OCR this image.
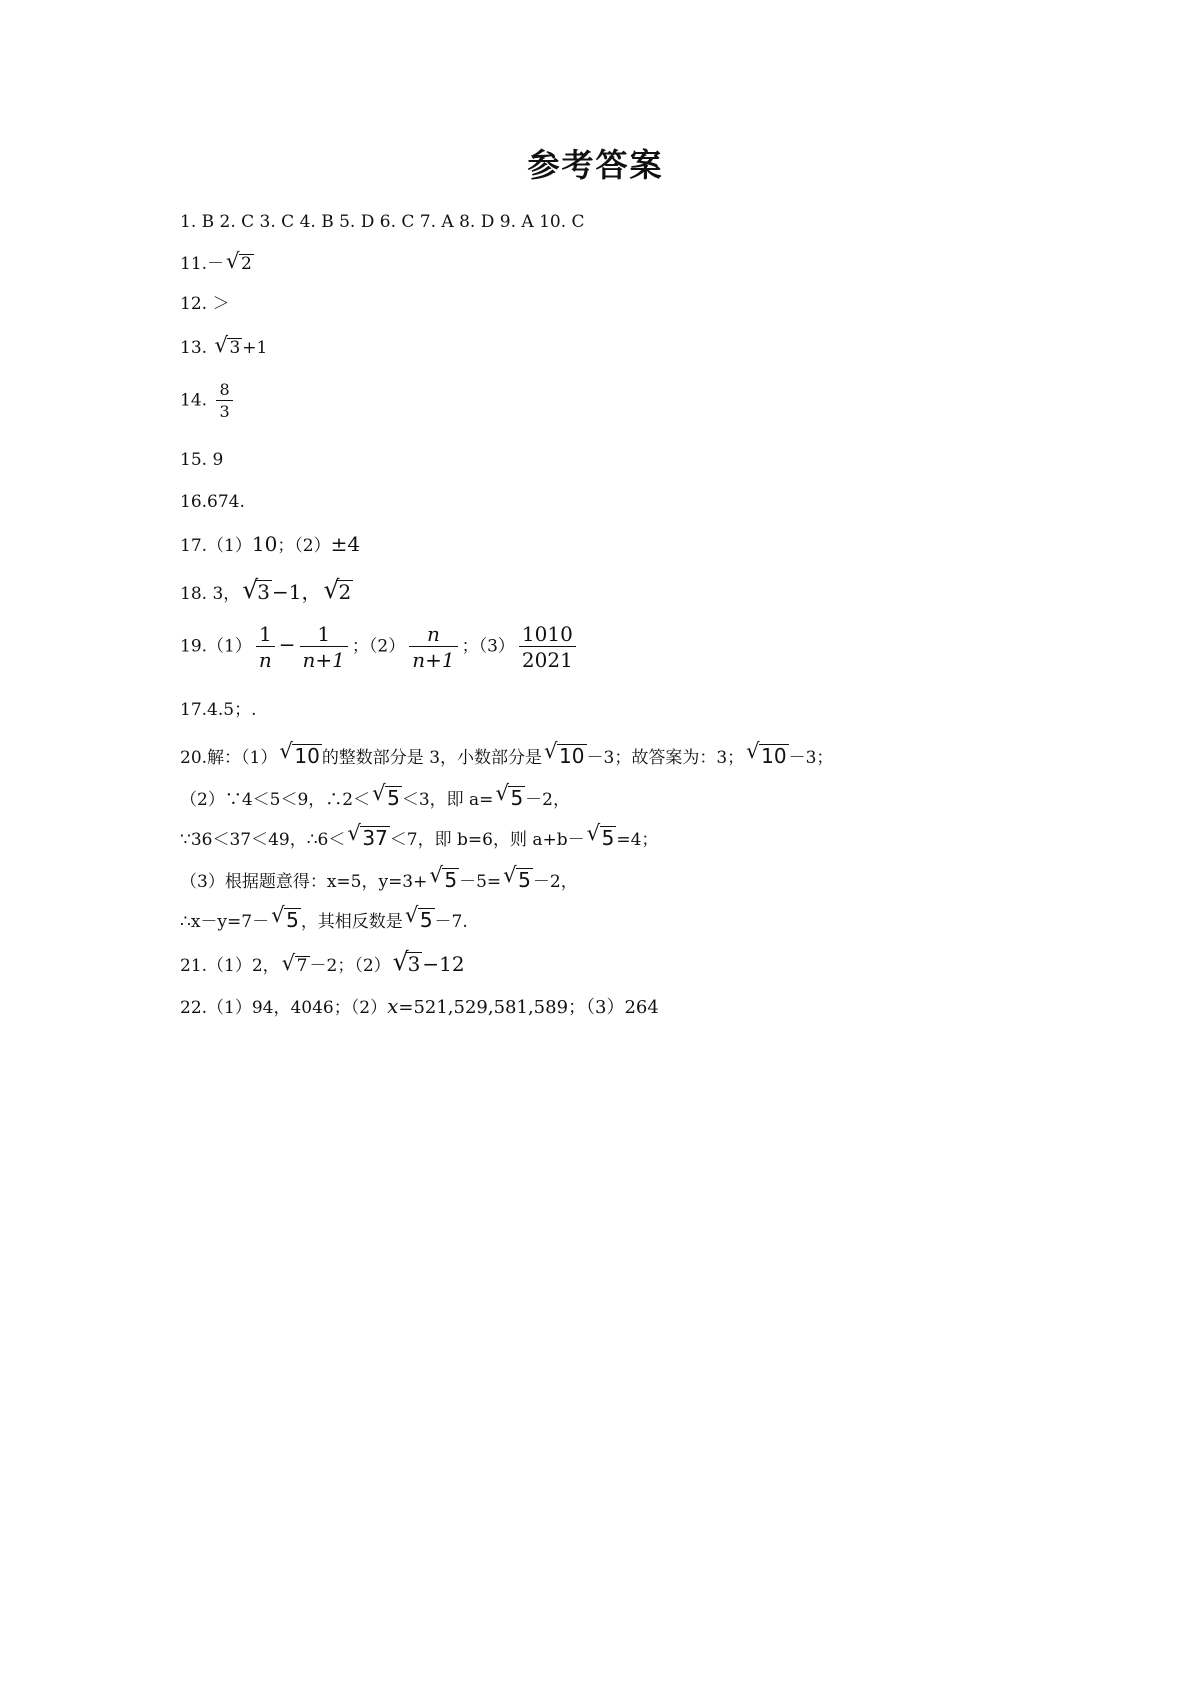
参考答案
1. B 2. C 3. C 4. B 5. D 6. C 7. A 8. D 9. A 10. C
11.－ √ 2
12. ＞
13. √ 3 +1
14. $\frac{8}{3}$
15. 9
16.674.
17.（1）10；（2）±4
18. 3， √ 3 −1， √ 2
$19.(1) \frac{1}{n} - \frac{1}{n+1}$ ；$(2) \frac{n}{n+1}$ ；$(3) \frac{1010}{2021}$
17.4.5；.
20.解：（1） √ 10 的整数部分是 3，小数部分是 √ 10 －3；故答案为：3； √ 10 －3；
（2）∵4＜5＜9，∴2＜ √ 5 ＜3，即 a= √ 5 －2，
∵36＜37＜49，∴6＜ √ 37 ＜7，即 b=6，则 a+b－ √ 5 =4；
（3）根据题意得：x=5，y=3+ √ 5 －5= √ 5 －2，
∴x－y=7－ √ 5 ，其相反数是 √ 5 －7.
21.（1）2， √ 7 －2；（2） √ 3 −12
22.（1）94，4046；（2）x=521,529,581,589；（3）264
